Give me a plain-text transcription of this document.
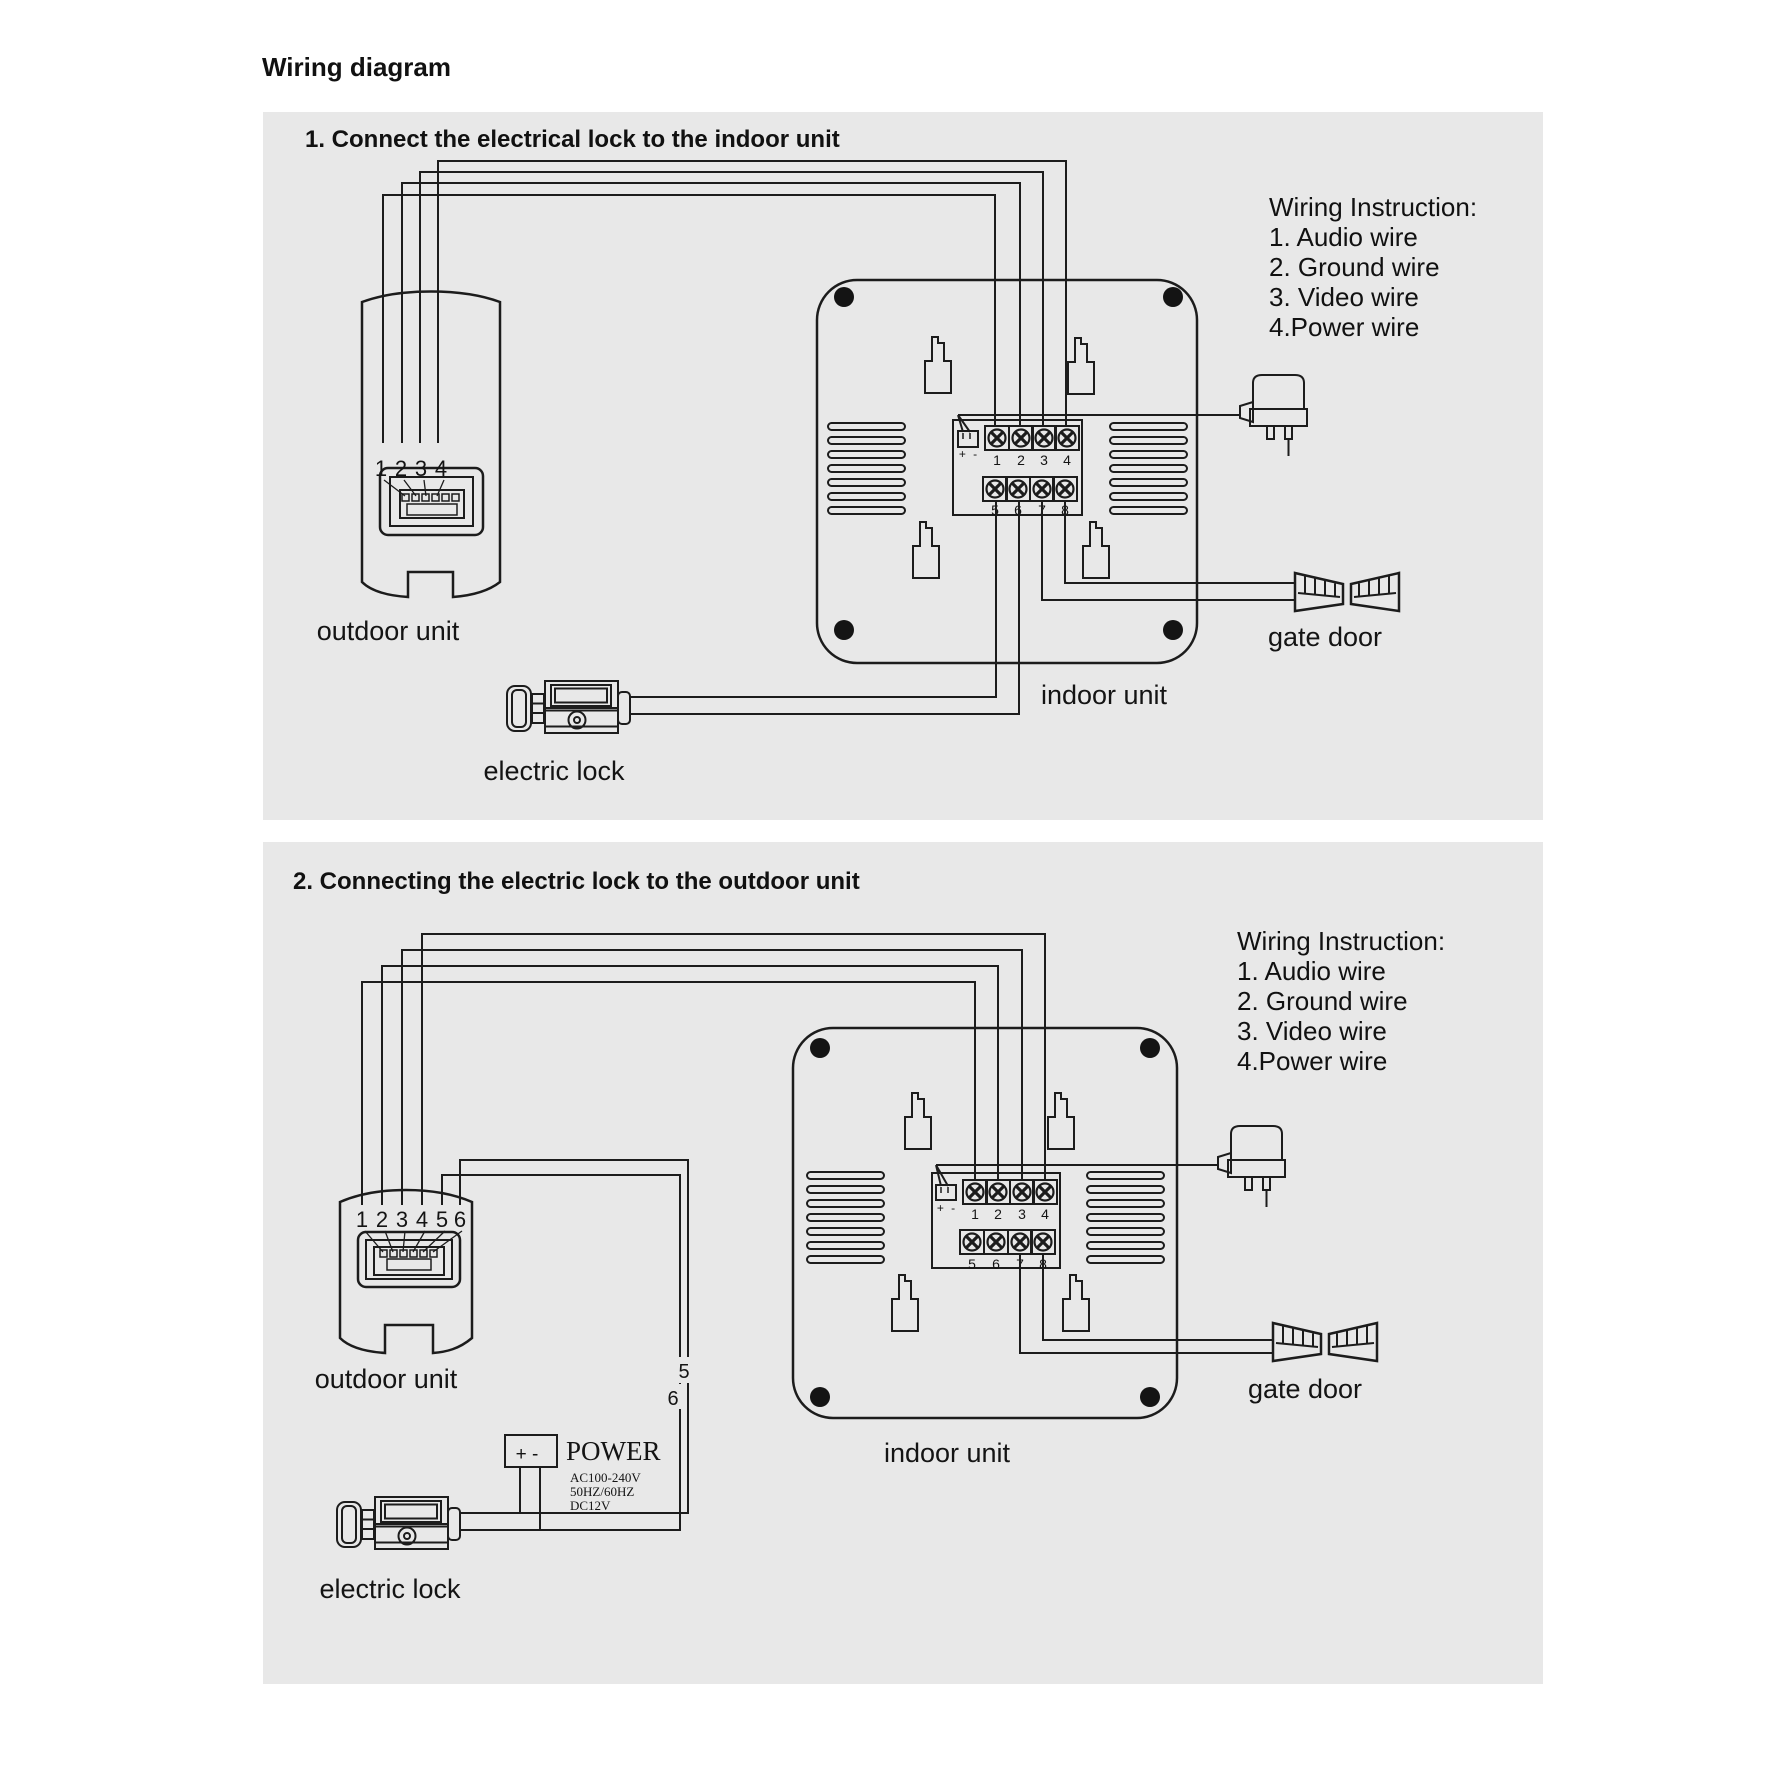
Wiring diagram
1. Connect the electrical lock to the indoor unit
Wiring Instruction:
1. Audio wire
2. Ground wire
3. Video wire
4.Power wire
1 2 3 4
outdoor unit
+ - 1 2 3 4
5 6 7 8
indoor unit
gate door
electric lock
2. Connecting the electric lock to the outdoor unit
Wiring Instruction:
1. Audio wire
2. Ground wire
3. Video wire
4.Power wire
5
6
1 2 3 4 5 6
outdoor unit
+ - 1 2 3 4
5 6 7 8
indoor unit
gate door
+ - POWER
AC100-240V
50HZ/60HZ
DC12V
electric lock
